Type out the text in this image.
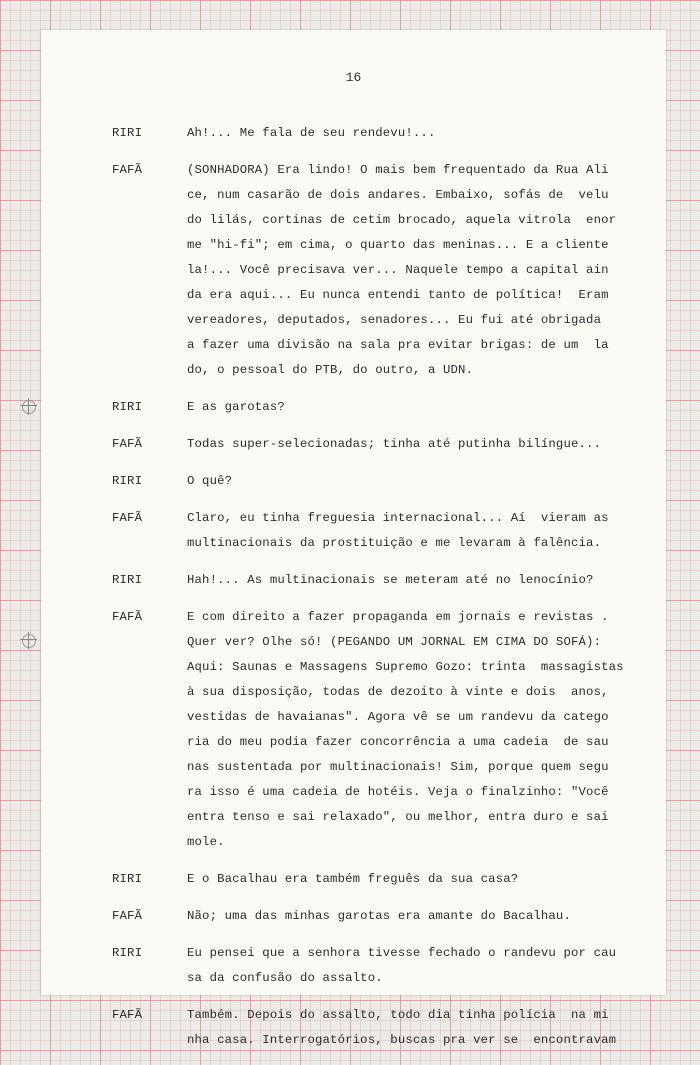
16
RIRI	Ah!... Me fala de seu rendevu!...
FAFÃ	(SONHADORA) Era lindo! O mais bem frequentado da Rua Ali
ce, num casarão de dois andares. Embaixo, sofás de  velu
do lilás, cortinas de cetim brocado, aquela vitrola  enor
me "hi-fi"; em cima, o quarto das meninas... E a cliente
la!... Você precisava ver... Naquele tempo a capital ain
da era aqui... Eu nunca entendi tanto de política!  Eram
vereadores, deputados, senadores... Eu fui até obrigada
a fazer uma divisão na sala pra evitar brigas: de um  la
do, o pessoal do PTB, do outro, a UDN.
RIRI	E as garotas?
FAFÃ	Todas super-selecionadas; tinha até putinha bilíngue...
RIRI	O quê?
FAFÃ	Claro, eu tinha freguesia internacional... Aí  vieram as
multinacionais da prostituição e me levaram à falência.
RIRI	Hah!... As multinacionais se meteram até no lenocínio?
FAFÃ	E com direito a fazer propaganda em jornais e revistas .
Quer ver? Olhe só! (PEGANDO UM JORNAL EM CIMA DO SOFÁ):
Aqui: Saunas e Massagens Supremo Gozo: trinta  massagistas
à sua disposição, todas de dezoito à vinte e dois  anos,
vestidas de havaianas". Agora vê se um randevu da catego
ria do meu podia fazer concorrência a uma cadeia  de sau
nas sustentada por multinacionais! Sim, porque quem segu
ra isso é uma cadeia de hotéis. Veja o finalzinho: "Você
entra tenso e sai relaxado", ou melhor, entra duro e sai
mole.
RIRI	E o Bacalhau era também freguês da sua casa?
FAFÃ	Não; uma das minhas garotas era amante do Bacalhau.
RIRI	Eu pensei que a senhora tivesse fechado o randevu por cau
sa da confusão do assalto.
FAFÃ	Também. Depois do assalto, todo dia tinha polícia  na mi
nha casa. Interrogatórios, buscas pra ver se  encontravam
